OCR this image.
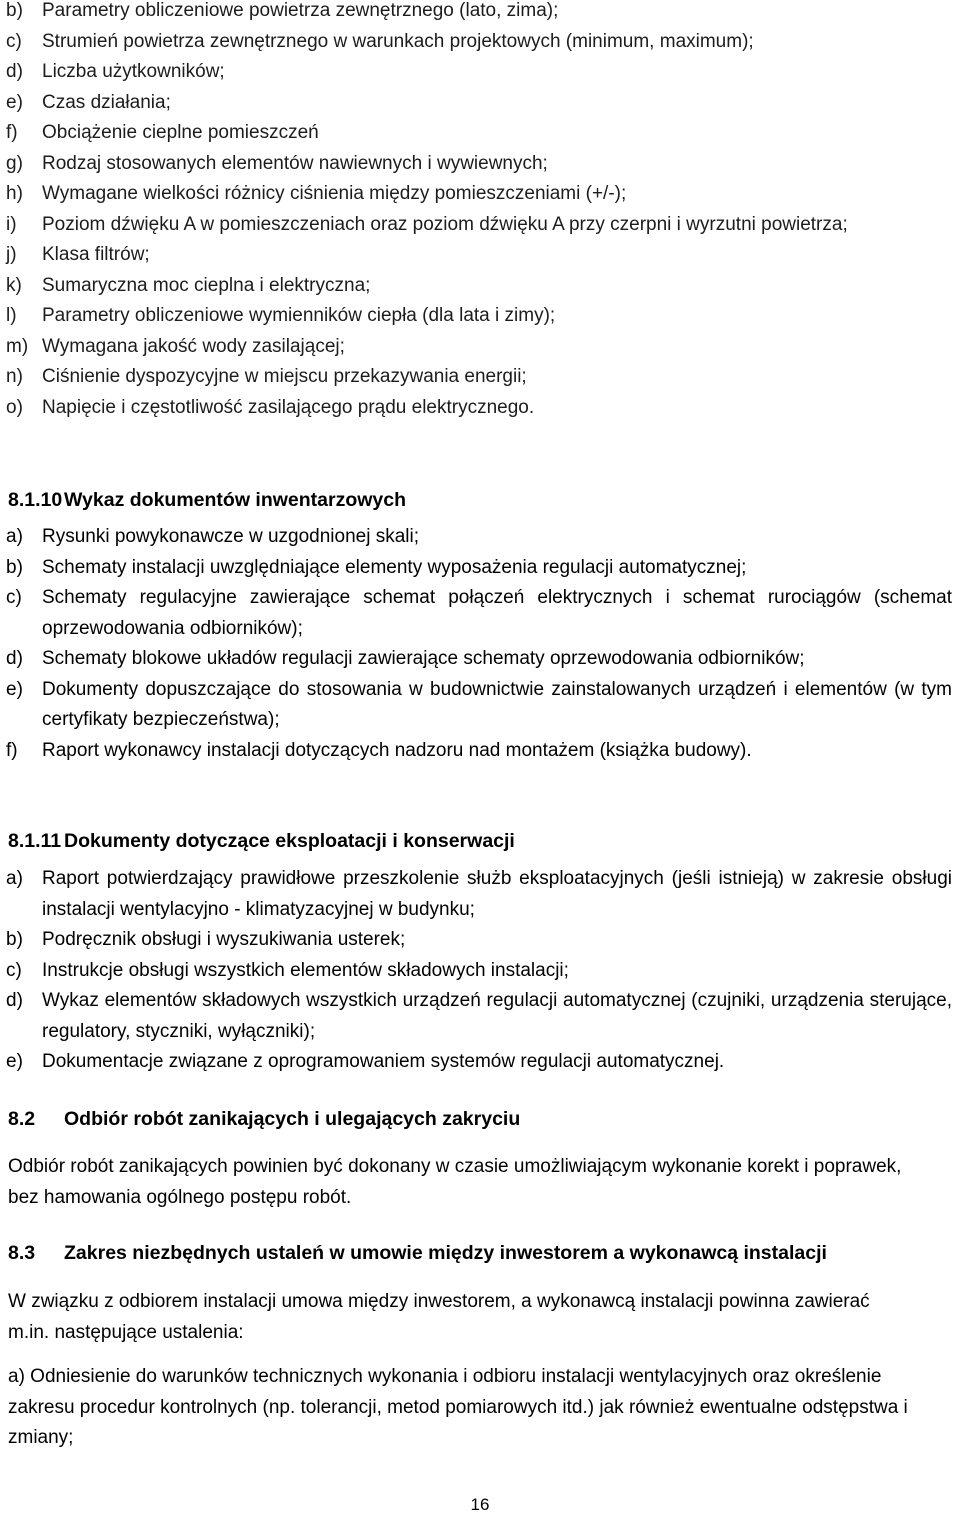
b) Parametry obliczeniowe powietrza zewnętrznego (lato, zima);
c) Strumień powietrza zewnętrznego w warunkach projektowych (minimum, maximum);
d) Liczba użytkowników;
e) Czas działania;
f) Obciążenie cieplne pomieszczeń
g) Rodzaj stosowanych elementów nawiewnych i wywiewnych;
h) Wymagane wielkości różnicy ciśnienia między pomieszczeniami (+/-);
i) Poziom dźwięku A w pomieszczeniach oraz poziom dźwięku A przy czerpni i wyrzutni powietrza;
j) Klasa filtrów;
k) Sumaryczna moc cieplna i elektryczna;
l) Parametry obliczeniowe wymienników ciepła (dla lata i zimy);
m) Wymagana jakość wody zasilającej;
n) Ciśnienie dyspozycyjne w miejscu przekazywania energii;
o) Napięcie i częstotliwość zasilającego prądu elektrycznego.
8.1.10Wykaz dokumentów inwentarzowych
a) Rysunki powykonawcze w uzgodnionej skali;
b) Schematy instalacji uwzględniające elementy wyposażenia regulacji automatycznej;
c) Schematy regulacyjne zawierające schemat połączeń elektrycznych i schemat rurociągów (schemat oprzewodowania odbiorników);
d) Schematy blokowe układów regulacji zawierające schematy oprzewodowania odbiorników;
e) Dokumenty dopuszczające do stosowania w budownictwie zainstalowanych urządzeń i elementów (w tym certyfikaty bezpieczeństwa);
f) Raport wykonawcy instalacji dotyczących nadzoru nad montażem (książka budowy).
8.1.11 Dokumenty dotyczące eksploatacji i konserwacji
a) Raport potwierdzający prawidłowe przeszkolenie służb eksploatacyjnych (jeśli istnieją) w zakresie obsługi instalacji wentylacyjno - klimatyzacyjnej w budynku;
b) Podręcznik obsługi i wyszukiwania usterek;
c) Instrukcje obsługi wszystkich elementów składowych instalacji;
d) Wykaz elementów składowych wszystkich urządzeń regulacji automatycznej (czujniki, urządzenia sterujące, regulatory, styczniki, wyłączniki);
e) Dokumentacje związane z oprogramowaniem systemów regulacji automatycznej.
8.2 Odbiór robót zanikających i ulegających zakryciu

Odbiór robót zanikających powinien być dokonany w czasie umożliwiającym wykonanie korekt i poprawek, bez hamowania ogólnego postępu robót.

8.3 Zakres niezbędnych ustaleń w umowie między inwestorem a wykonawcą instalacji

W związku z odbiorem instalacji umowa między inwestorem, a wykonawcą instalacji powinna zawierać m.in. następujące ustalenia:

a) Odniesienie do warunków technicznych wykonania i odbioru instalacji wentylacyjnych oraz określenie zakresu procedur kontrolnych (np. tolerancji, metod pomiarowych itd.) jak również ewentualne odstępstwa i zmiany;

16
